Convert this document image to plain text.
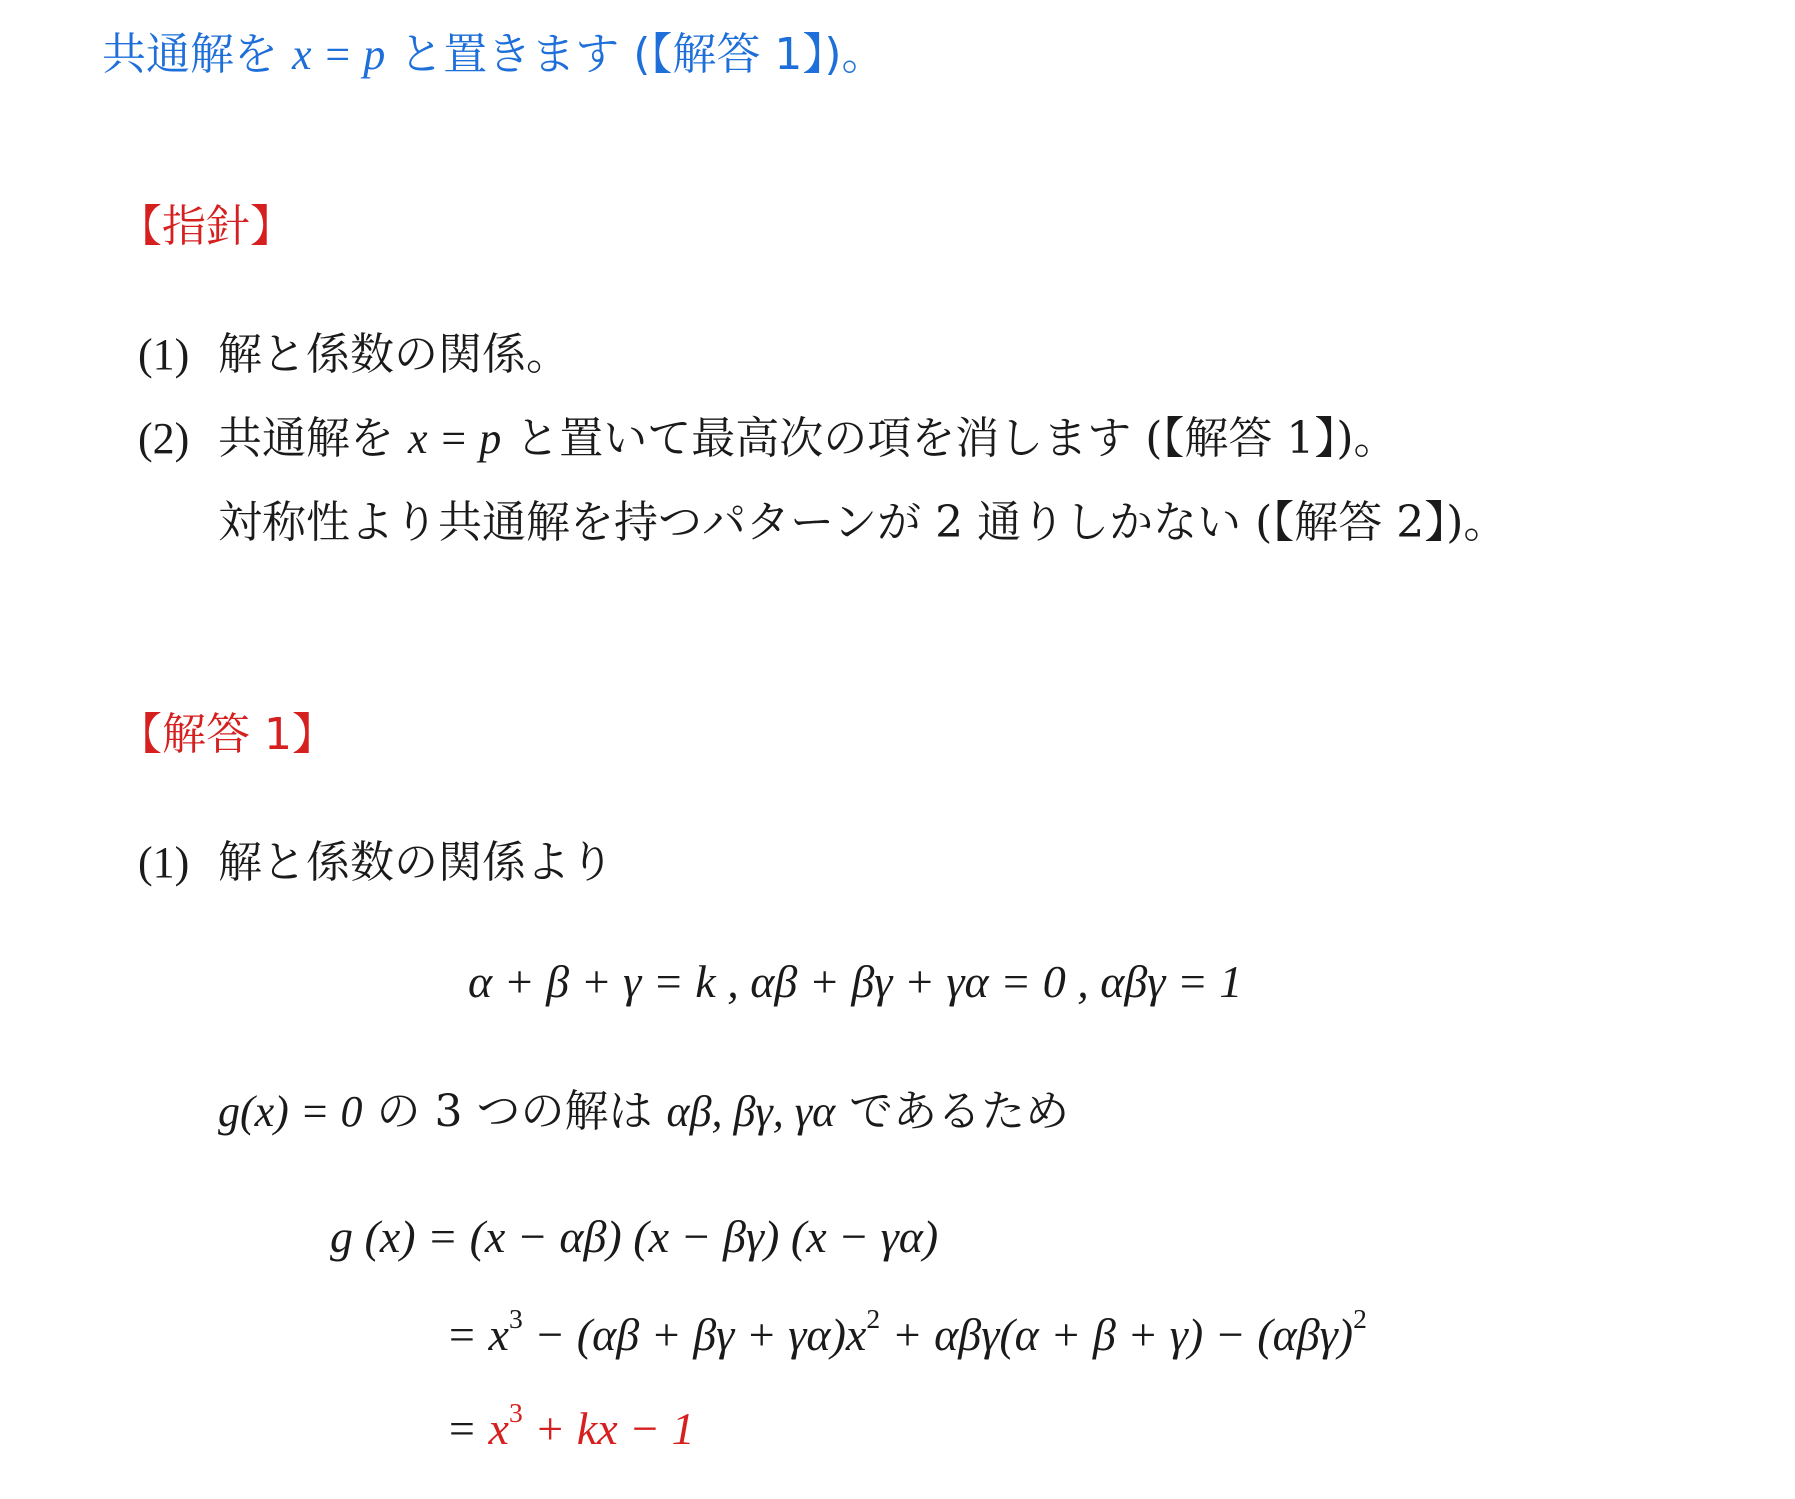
共通解を x = p と置きます (【解答 1】)。
【指針】
(1) 解と係数の関係。
(2) 共通解を x = p と置いて最高次の項を消します (【解答 1】)。
対称性より共通解を持つパターンが 2 通りしかない (【解答 2】)。
【解答 1】
(1) 解と係数の関係より
α + β + γ = k , αβ + βγ + γα = 0 , αβγ = 1
g(x) = 0 の 3 つの解は αβ, βγ, γα であるため
g (x) = (x − αβ) (x − βγ) (x − γα)
= $x^3 - (\alpha\beta + \beta\gamma + \gamma\alpha)x^2 + \alpha\beta\gamma(\alpha + \beta + \gamma) - (\alpha\beta\gamma)^2$
= $x^3$ + kx − 1
